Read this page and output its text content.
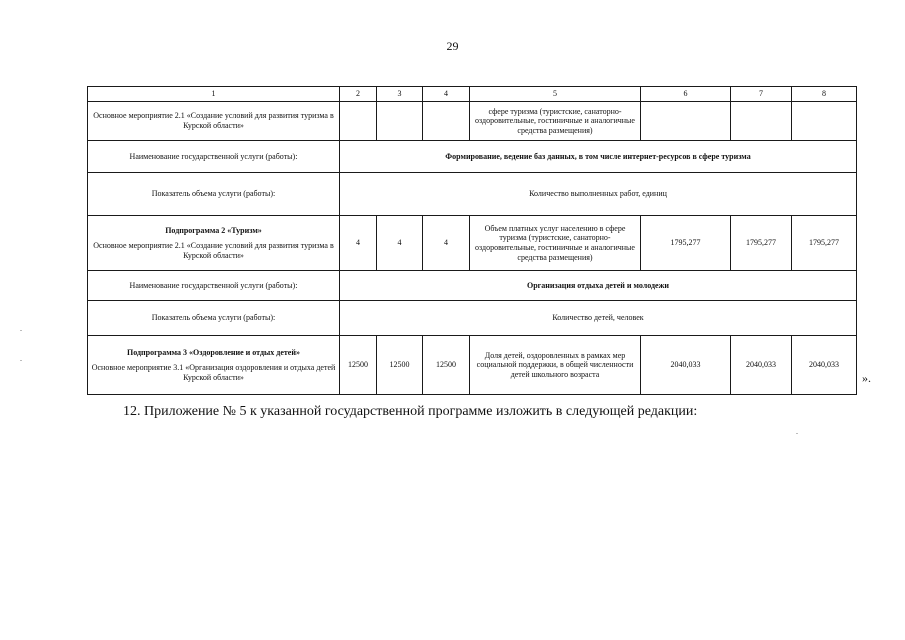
29
1	2	3	4	5	6	7	8
Основное мероприятие 2.1 «Создание условий для развития туризма в Курской области»				сфере туризма (туристские, санаторно-оздоровительные, гостиничные и аналогичные средства размещения)			
Наименование государственной услуги (работы):	Формирование, ведение баз данных, в том числе интернет-ресурсов в сфере туризма						
Показатель объема услуги (работы):	Количество выполненных работ, единиц						

Подпрограмма 2 «Туризм»
Основное мероприятие 2.1 «Создание условий для развития туризма в Курской области»	4	4	4	Объем платных услуг населению в сфере туризма (туристские, санаторно-оздоровительные, гостиничные и аналогичные средства размещения)	1795,277	1795,277	1795,277
Наименование государственной услуги (работы):	Организация отдыха детей и молодежи						
Показатель объема услуги (работы):	Количество детей, человек						

Подпрограмма 3 «Оздоровление и отдых детей»
Основное мероприятие 3.1 «Организация оздоровления и отдыха детей Курской области»	12500	12500	12500	Доля детей, оздоровленных в рамках мер социальной поддержки, в общей численности детей школьного возраста	2040,033	2040,033	2040,033
».
12. Приложение № 5 к указанной государственной программе изложить в следующей редакции:
